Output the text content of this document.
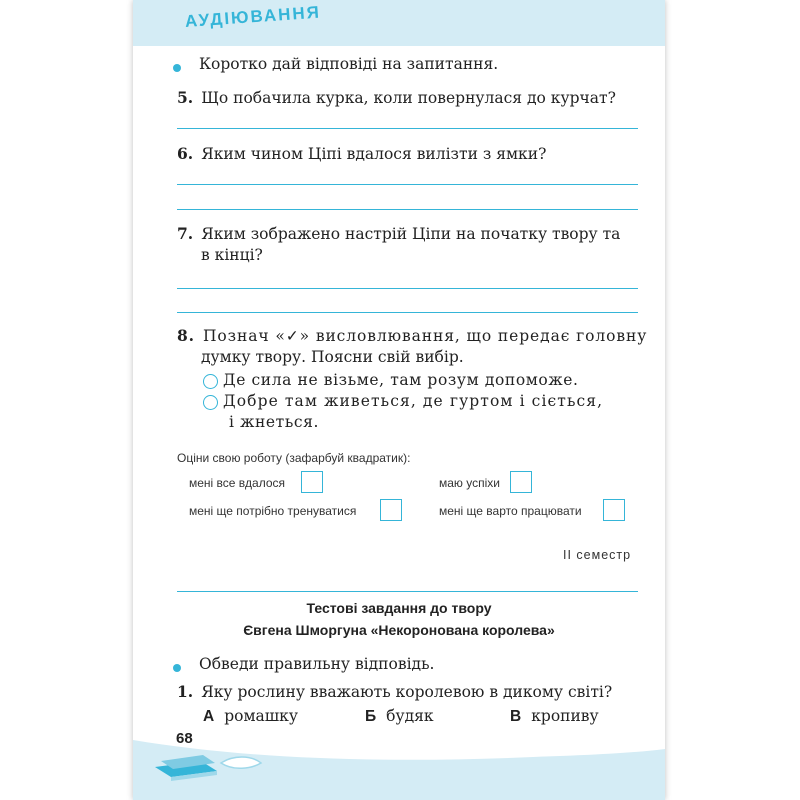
АУДІЮВАННЯ
Коротко дай відповіді на запитання.
5. Що побачила курка, коли повернулася до курчат?
6. Яким чином Ціпі вдалося вилізти з ямки?
7. Яким зображено настрій Ціпи на початку твору та
в кінці?
8. Познач «✓» висловлювання, що передає головну
думку твору. Поясни свій вибір.
Де сила не візьме, там розум допоможе.
Добре там живеться, де гуртом і сіється,
і жнеться.
Оціни свою роботу (зафарбуй квадратик):
мені все вдалося	маю успіхи
мені ще потрібно тренуватися	мені ще варто працювати
II семестр
Тестові завдання до твору
Євгена Шморгуна «Некоронована королева»
Обведи правильну відповідь.
1. Яку рослину вважають королевою в дикому світі?
А ромашку	Б будяк	В кропиву
68
